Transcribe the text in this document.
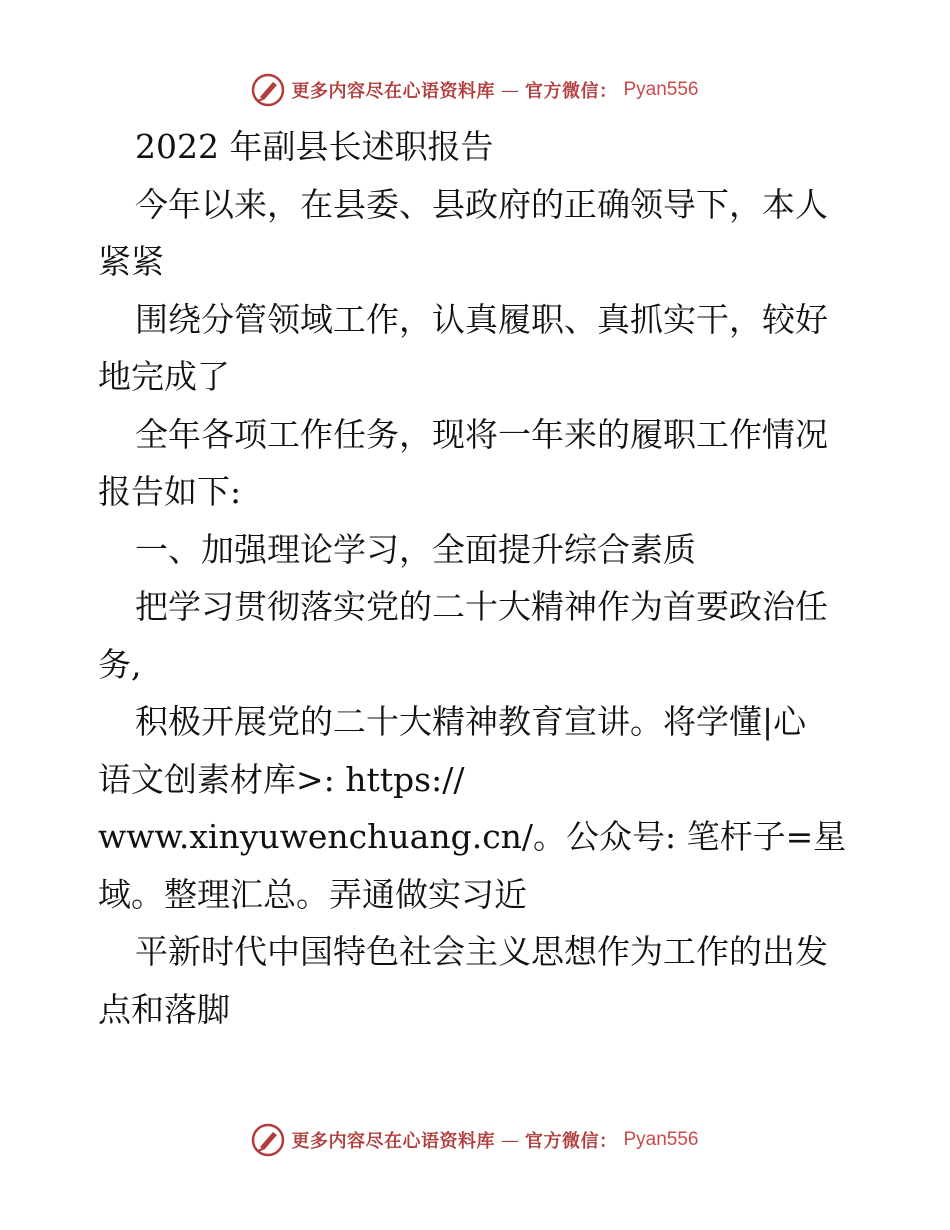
更多内容尽在心语资料库 — 官方微信： Pyan556
2022 年副县长述职报告
今年以来，在县委、县政府的正确领导下，本人
紧紧
围绕分管领域工作，认真履职、真抓实干，较好
地完成了
全年各项工作任务，现将一年来的履职工作情况
报告如下:
一、加强理论学习，全面提升综合素质
把学习贯彻落实党的二十大精神作为首要政治任
务,
积极开展党的二十大精神教育宣讲。将学懂|心
语文创素材库>: https://
www.xinyuwenchuang.cn/。公众号: 笔杆子=星
域。整理汇总。弄通做实习近
平新时代中国特色社会主义思想作为工作的出发
点和落脚
更多内容尽在心语资料库 — 官方微信： Pyan556
